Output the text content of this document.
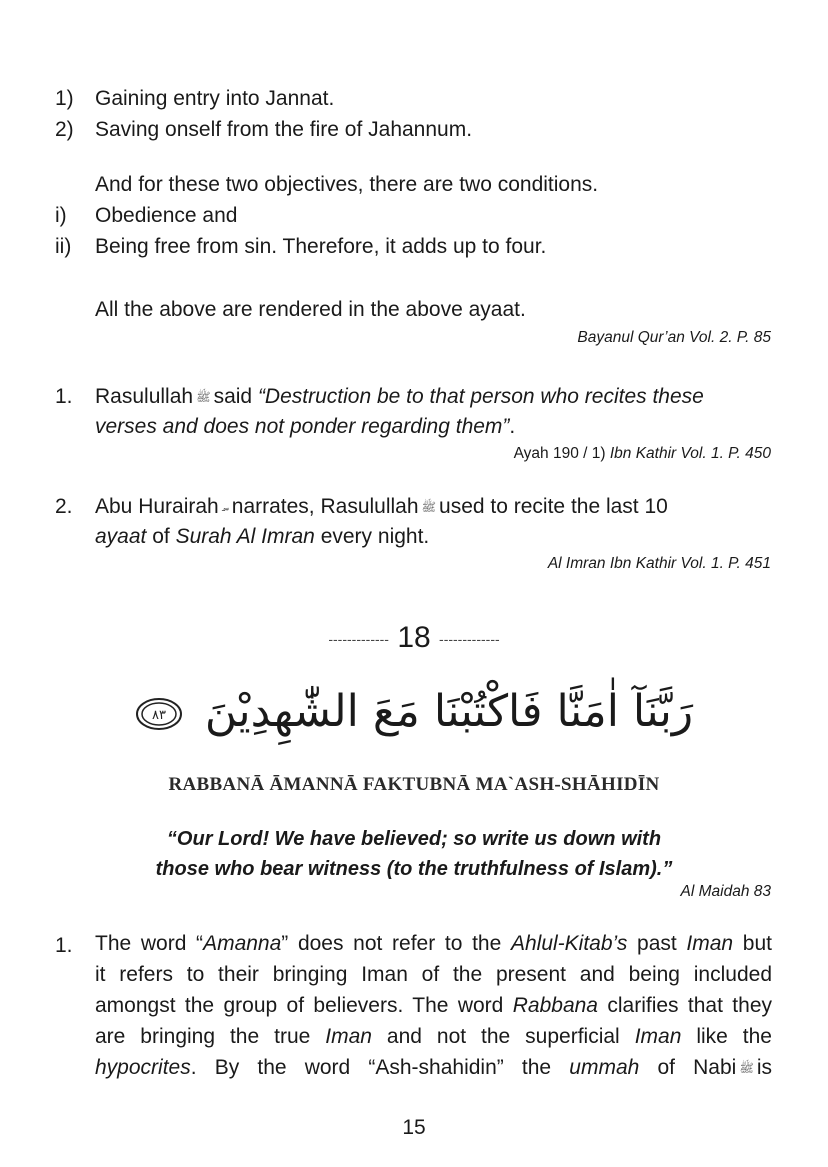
1) Gaining entry into Jannat.
2) Saving onself from the fire of Jahannum.
And for these two objectives, there are two conditions.
i) Obedience and
ii) Being free from sin. Therefore, it adds up to four.
All the above are rendered in the above ayaat.
Bayanul Qur’an Vol. 2. P. 85
1. Rasulullah ﷺ said “Destruction be to that person who recites these
verses and does not ponder regarding them”.
Ayah 190 / 1) Ibn Kathir Vol. 1. P. 450
2. Abu Hurairah ؄ narrates, Rasulullah ﷺ used to recite the last 10
ayaat of Surah Al Imran every night.
Al Imran Ibn Kathir Vol. 1. P. 451
------------- 18 -------------
رَبَّنَآ اٰمَنَّا فَاكْتُبْنَا مَعَ الشّٰهِدِيْنَ
٨٣
RABBANĀ ĀMANNĀ FAKTUBNĀ MA`ASH-SHĀHIDĪN
“Our Lord! We have believed; so write us down with
those who bear witness (to the truthfulness of Islam).”
Al Maidah 83
1. The word “Amanna” does not refer to the Ahlul-Kitab’s past Iman but
it refers to their bringing Iman of the present and being included
amongst the group of believers. The word Rabbana clarifies that they
are bringing the true Iman and not the superficial Iman like the
hypocrites. By the word “Ash-shahidin” the ummah of Nabi ﷺ is
15
